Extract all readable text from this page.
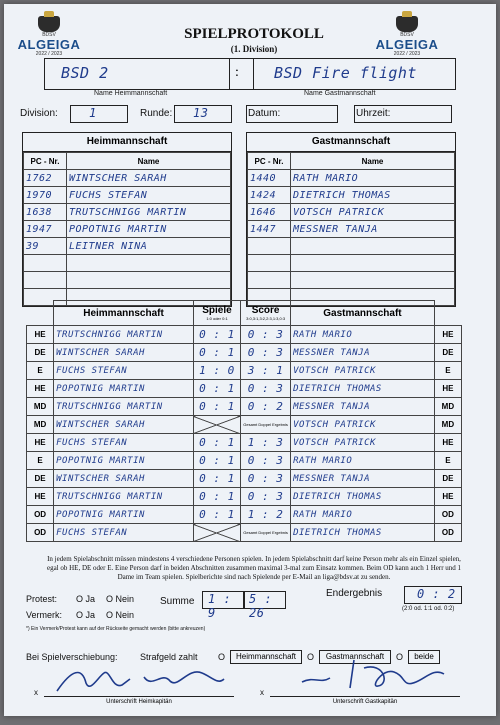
BDSV
ALGEIGA
2022 / 2023
BDSV
ALGEIGA
2022 / 2023
SPIELPROTOKOLL
(1. Division)
BSD 2	: BSD Fire flight
Name Heimmannschaft	Name Gastmannschaft
Division:	1	Runde: 13	Datum:	Uhrzeit:
Heimmannschaft
PC - Nr.	Name
1762	WINTSCHER SARAH
1970	FUCHS STEFAN
1638	TRUTSCHNIGG MARTIN
1947	POPOTNIG MARTIN
39	LEITNER NINA

Gastmannschaft
PC - Nr.	Name
1440	RATH MARIO
1424	DIETRICH THOMAS
1646	VOTSCH PATRICK
1447	MESSNER TANJA

	Heimmannschaft	Spiele
1:0 oder 0:1	Score
3:0,3:1,3:2,2:3,1:3,0:3	Gastmannschaft	
HE	TRUTSCHNIGG MARTIN	0 : 1	0 : 3	RATH MARIO	HE
DE	WINTSCHER SARAH	0 : 1	0 : 3	MESSNER TANJA	DE
E	FUCHS STEFAN	1 : 0	3 : 1	VOTSCH PATRICK	E
HE	POPOTNIG MARTIN	0 : 1	0 : 3	DIETRICH THOMAS	HE
MD	TRUTSCHNIGG MARTIN	0 : 1	0 : 2	MESSNER TANJA	MD
MD	WINTSCHER SARAH		Gesamt Doppel Ergebnis	VOTSCH PATRICK	MD
HE	FUCHS STEFAN	0 : 1	1 : 3	VOTSCH PATRICK	HE
E	POPOTNIG MARTIN	0 : 1	0 : 3	RATH MARIO	E
DE	WINTSCHER SARAH	0 : 1	0 : 3	MESSNER TANJA	DE
HE	TRUTSCHNIGG MARTIN	0 : 1	0 : 3	DIETRICH THOMAS	HE
OD	POPOTNIG MARTIN	0 : 1	1 : 2	RATH MARIO	OD
OD	FUCHS STEFAN		Gesamt Doppel Ergebnis	DIETRICH THOMAS	OD
In jedem Spielabschnitt müssen mindestens 4 verschiedene Personen spielen. In jedem Spielabschnitt darf keine Person mehr als ein Einzel spielen, egal ob HE, DE oder E. Eine Person darf in beiden Abschnitten zusammen maximal 3-mal zum Einsatz kommen. Beim OD kann auch 1 Herr und 1 Dame im Team spielen. Spielberichte sind nach Spielende per E-Mail an liga@bdsv.at zu senden.
Protest: O Ja O Nein
Vermerk: O Ja O Nein
*) Ein Vermerk/Protest kann auf der Rückseite gemacht werden (bitte ankreuzen)
Summe 1 : 9
5 : 26
Endergebnis	0 : 2
(2:0 od. 1:1 od. 0:2)
Bei Spielverschiebung: Strafgeld zahlt O	Heimmannschaft	O	Gastmannschaft	O	beide
x
Unterschrift Heimkapitän
x
Unterschrift Gastkapitän
